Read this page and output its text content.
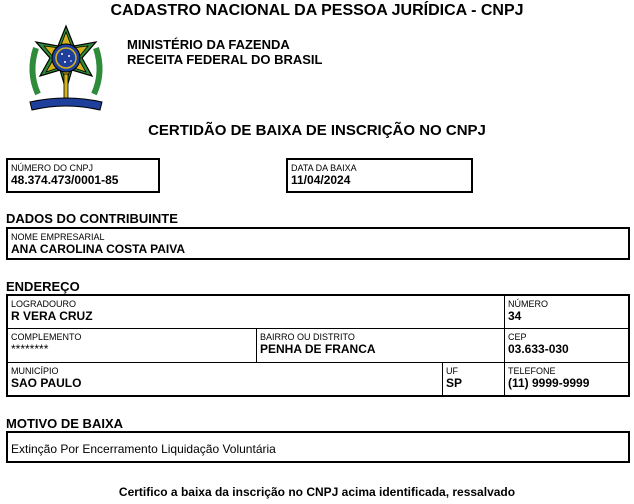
CADASTRO NACIONAL DA PESSOA JURÍDICA - CNPJ
MINISTÉRIO DA FAZENDA
RECEITA FEDERAL DO BRASIL
CERTIDÃO DE BAIXA DE INSCRIÇÃO NO CNPJ
NÚMERO DO CNPJ
48.374.473/0001-85
DATA DA BAIXA
11/04/2024
DADOS DO CONTRIBUINTE
NOME EMPRESARIAL
ANA CAROLINA COSTA PAIVA
ENDEREÇO
LOGRADOURO
R VERA CRUZ
NÚMERO
34
COMPLEMENTO
********
BAIRRO OU DISTRITO
PENHA DE FRANCA
CEP
03.633-030
MUNICÍPIO
SAO PAULO
UF
SP
TELEFONE
(11) 9999-9999
MOTIVO DE BAIXA
Extinção Por Encerramento Liquidação Voluntária
Certifico a baixa da inscrição no CNPJ acima identificada, ressalvado
